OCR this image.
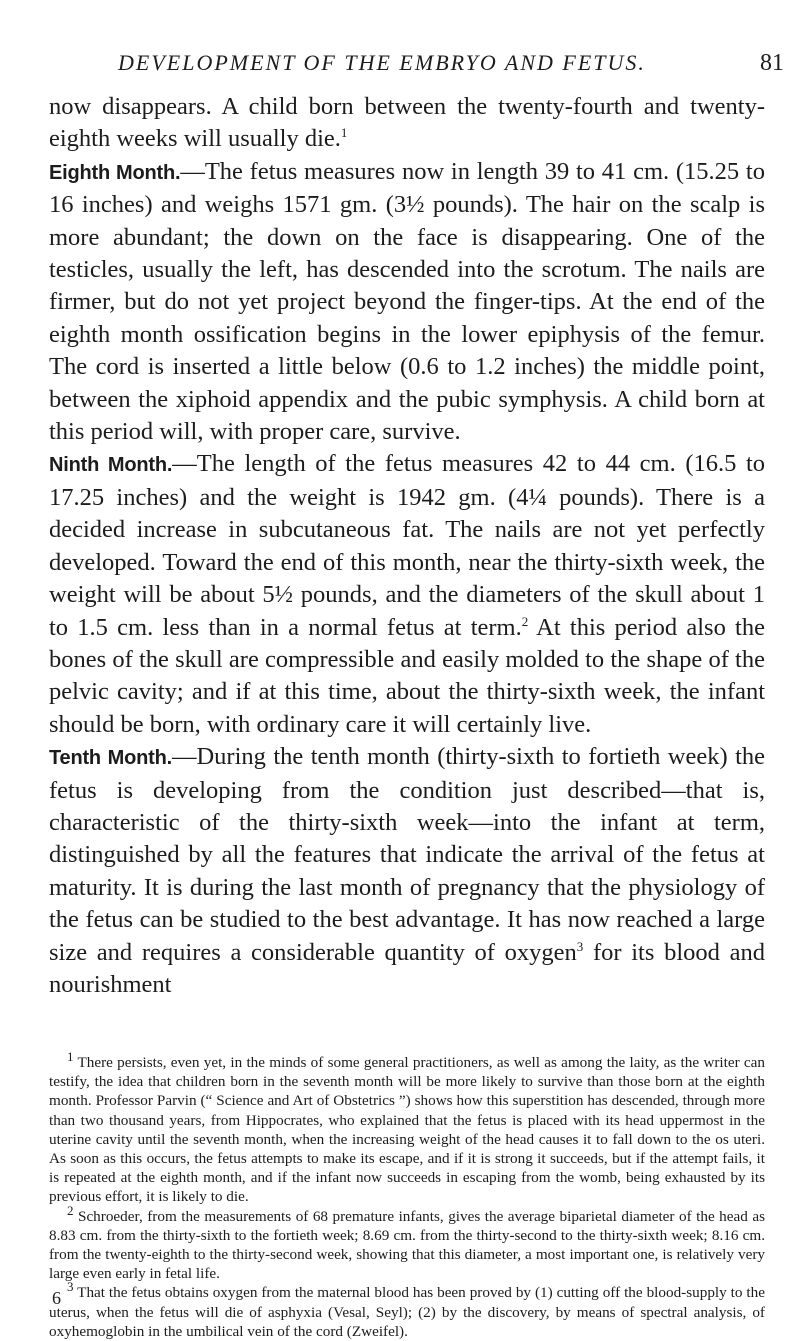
DEVELOPMENT OF THE EMBRYO AND FETUS.	81

now disappears. A child born between the twenty-fourth and twenty-eighth weeks will usually die.$^1$

Eighth Month.—The fetus measures now in length 39 to 41 cm. (15.25 to 16 inches) and weighs 1571 gm. (3½ pounds). The hair on the scalp is more abundant; the down on the face is disappearing. One of the testicles, usually the left, has descended into the scrotum. The nails are firmer, but do not yet project beyond the finger-tips. At the end of the eighth month ossification begins in the lower epiphysis of the femur. The cord is inserted a little below (0.6 to 1.2 inches) the middle point, between the xiphoid appendix and the pubic symphysis. A child born at this period will, with proper care, survive.

Ninth Month.—The length of the fetus measures 42 to 44 cm. (16.5 to 17.25 inches) and the weight is 1942 gm. (4¼ pounds). There is a decided increase in subcutaneous fat. The nails are not yet perfectly developed. Toward the end of this month, near the thirty-sixth week, the weight will be about 5½ pounds, and the diameters of the skull about 1 to 1.5 cm. less than in a normal fetus at term.$^2$ At this period also the bones of the skull are compressible and easily molded to the shape of the pelvic cavity; and if at this time, about the thirty-sixth week, the infant should be born, with ordinary care it will certainly live.

Tenth Month.—During the tenth month (thirty-sixth to fortieth week) the fetus is developing from the condition just described—that is, characteristic of the thirty-sixth week—into the infant at term, distinguished by all the features that indicate the arrival of the fetus at maturity. It is during the last month of pregnancy that the physiology of the fetus can be studied to the best advantage. It has now reached a large size and requires a considerable quantity of oxygen$^3$ for its blood and nourishment

$^1$ There persists, even yet, in the minds of some general practitioners, as well as among the laity, as the writer can testify, the idea that children born in the seventh month will be more likely to survive than those born at the eighth month. Professor Parvin (“ Science and Art of Obstetrics ”) shows how this superstition has descended, through more than two thousand years, from Hippocrates, who explained that the fetus is placed with its head uppermost in the uterine cavity until the seventh month, when the increasing weight of the head causes it to fall down to the os uteri. As soon as this occurs, the fetus attempts to make its escape, and if it is strong it succeeds, but if the attempt fails, it is repeated at the eighth month, and if the infant now succeeds in escaping from the womb, being exhausted by its previous effort, it is likely to die.

$^2$ Schroeder, from the measurements of 68 premature infants, gives the average biparietal diameter of the head as 8.83 cm. from the thirty-sixth to the fortieth week; 8.69 cm. from the thirty-second to the thirty-sixth week; 8.16 cm. from the twenty-eighth to the thirty-second week, showing that this diameter, a most important one, is relatively very large even early in fetal life.

$^3$ That the fetus obtains oxygen from the maternal blood has been proved by (1) cutting off the blood-supply to the uterus, when the fetus will die of asphyxia (Vesal, Seyl); (2) by the discovery, by means of spectral analysis, of oxyhemoglobin in the umbilical vein of the cord (Zweifel).

6
